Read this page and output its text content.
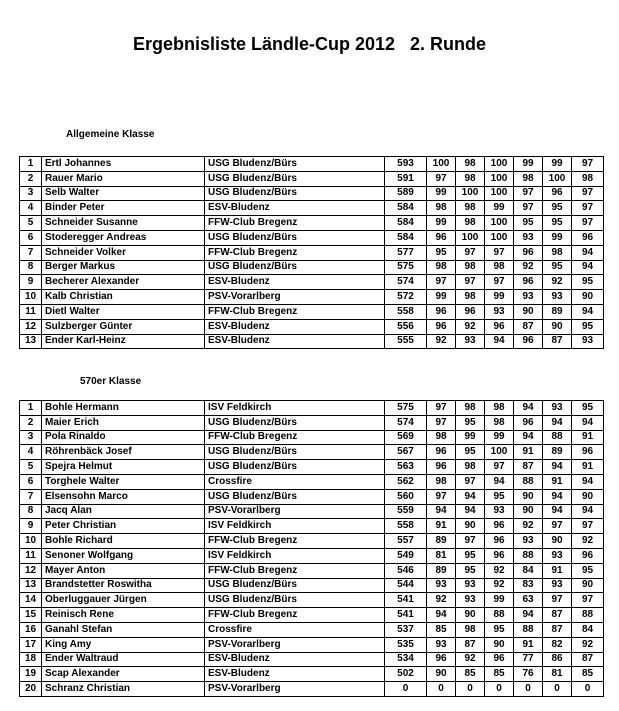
Ergebnisliste Ländle-Cup 2012   2. Runde
Allgemeine Klasse
1	Ertl Johannes	USG Bludenz/Bürs	593	100	98	100	99	99	97
2	Rauer Mario	USG Bludenz/Bürs	591	97	98	100	98	100	98
3	Selb Walter	USG Bludenz/Bürs	589	99	100	100	97	96	97
4	Binder Peter	ESV-Bludenz	584	98	98	99	97	95	97
5	Schneider Susanne	FFW-Club Bregenz	584	99	98	100	95	95	97
6	Stoderegger Andreas	USG Bludenz/Bürs	584	96	100	100	93	99	96
7	Schneider Volker	FFW-Club Bregenz	577	95	97	97	96	98	94
8	Berger Markus	USG Bludenz/Bürs	575	98	98	98	92	95	94
9	Becherer Alexander	ESV-Bludenz	574	97	97	97	96	92	95
10	Kalb Christian	PSV-Vorarlberg	572	99	98	99	93	93	90
11	Dietl Walter	FFW-Club Bregenz	558	96	96	93	90	89	94
12	Sulzberger Günter	ESV-Bludenz	556	96	92	96	87	90	95
13	Ender Karl-Heinz	ESV-Bludenz	555	92	93	94	96	87	93
570er Klasse
1	Bohle Hermann	ISV Feldkirch	575	97	98	98	94	93	95
2	Maier Erich	USG Bludenz/Bürs	574	97	95	98	96	94	94
3	Pola Rinaldo	FFW-Club Bregenz	569	98	99	99	94	88	91
4	Röhrenbäck Josef	USG Bludenz/Bürs	567	96	95	100	91	89	96
5	Spejra Helmut	USG Bludenz/Bürs	563	96	98	97	87	94	91
6	Torghele Walter	Crossfire	562	98	97	94	88	91	94
7	Elsensohn Marco	USG Bludenz/Bürs	560	97	94	95	90	94	90
8	Jacq Alan	PSV-Vorarlberg	559	94	94	93	90	94	94
9	Peter Christian	ISV Feldkirch	558	91	90	96	92	97	97
10	Bohle Richard	FFW-Club Bregenz	557	89	97	96	93	90	92
11	Senoner Wolfgang	ISV Feldkirch	549	81	95	96	88	93	96
12	Mayer Anton	FFW-Club Bregenz	546	89	95	92	84	91	95
13	Brandstetter Roswitha	USG Bludenz/Bürs	544	93	93	92	83	93	90
14	Oberluggauer Jürgen	USG Bludenz/Bürs	541	92	93	99	63	97	97
15	Reinisch Rene	FFW-Club Bregenz	541	94	90	88	94	87	88
16	Ganahl Stefan	Crossfire	537	85	98	95	88	87	84
17	King Amy	PSV-Vorarlberg	535	93	87	90	91	82	92
18	Ender Waltraud	ESV-Bludenz	534	96	92	96	77	86	87
19	Scap Alexander	ESV-Bludenz	502	90	85	85	76	81	85
20	Schranz Christian	PSV-Vorarlberg	0	0	0	0	0	0	0
